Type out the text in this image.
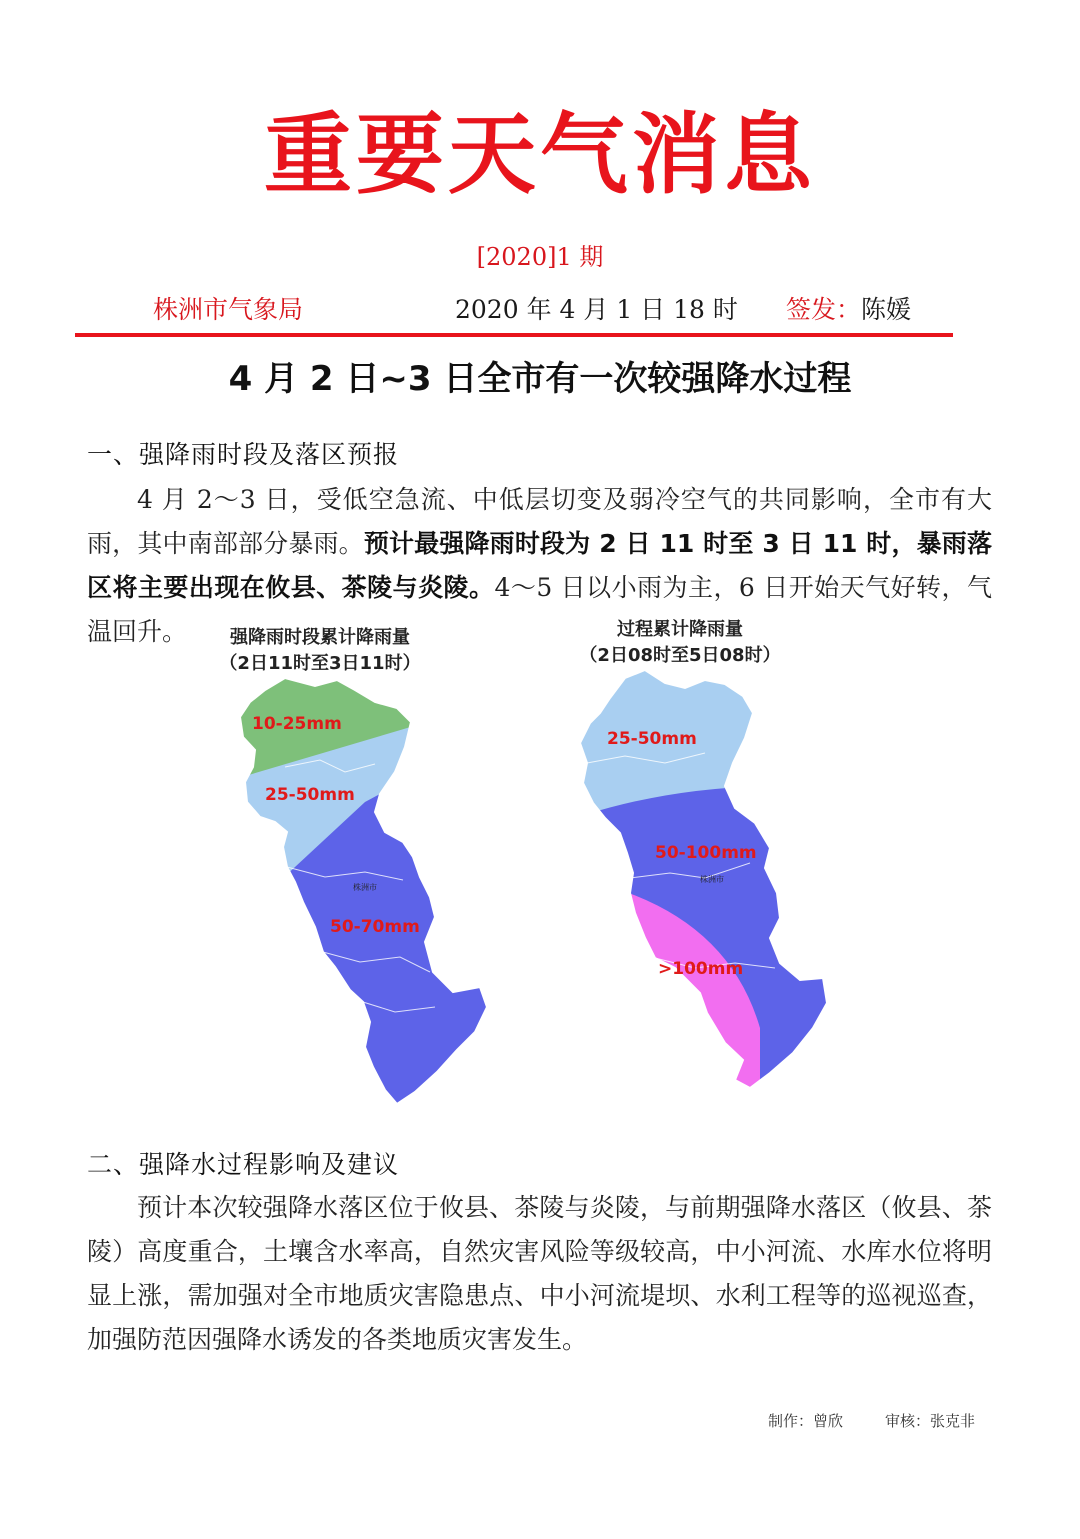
重要天气消息
[2020]1 期
株洲市气象局	2020 年 4 月 1 日 18 时 签发：陈媛
4 月 2 日~3 日全市有一次较强降水过程
一、强降雨时段及落区预报
4 月 2～3 日，受低空急流、中低层切变及弱冷空气的共同影响，全市有大雨，其中南部部分暴雨。预计最强降雨时段为 2 日 11 时至 3 日 11 时，暴雨落区将主要出现在攸县、茶陵与炎陵。4～5 日以小雨为主，6 日开始天气好转，气温回升。	强降雨时段累计降雨量
（2日11时至3日11时）
10-25mm
25-50mm
50-70mm
株洲市
过程累计降雨量
（2日08时至5日08时）
25-50mm
50-100mm
>100mm
株洲市
二、强降水过程影响及建议
预计本次较强降水落区位于攸县、茶陵与炎陵，与前期强降水落区（攸县、茶陵）高度重合，土壤含水率高，自然灾害风险等级较高，中小河流、水库水位将明显上涨，需加强对全市地质灾害隐患点、中小河流堤坝、水利工程等的巡视巡查，加强防范因强降水诱发的各类地质灾害发生。
制作：曾欣	审核：张克非
